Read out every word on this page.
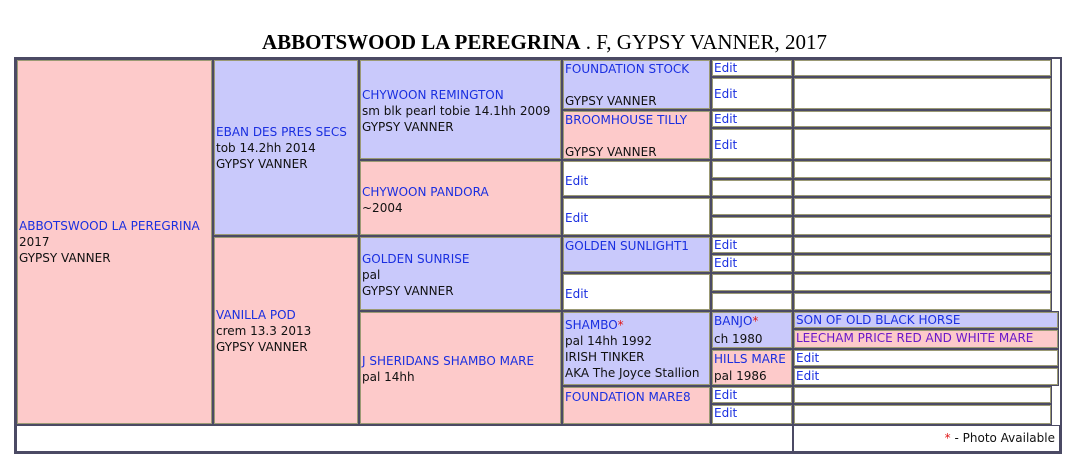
ABBOTSWOOD LA PEREGRINA . F, GYPSY VANNER, 2017
ABBOTSWOOD LA PEREGRINA
2017
GYPSY VANNER
EBAN DES PRES SECS
tob 14.2hh 2014
GYPSY VANNER
VANILLA POD
crem 13.3 2013
GYPSY VANNER
CHYWOON REMINGTON
sm blk pearl tobie 14.1hh 2009
GYPSY VANNER
CHYWOON PANDORA
~2004
GOLDEN SUNRISE
pal
GYPSY VANNER
J SHERIDANS SHAMBO MARE
pal 14hh
FOUNDATION STOCK
GYPSY VANNER
BROOMHOUSE TILLY
GYPSY VANNER
Edit
Edit
GOLDEN SUNLIGHT1
Edit
SHAMBO*
pal 14hh 1992
IRISH TINKER
AKA The Joyce Stallion
FOUNDATION MARE8
Edit
Edit
Edit
Edit
Edit
Edit
BANJO*
ch 1980
HILLS MARE
pal 1986
Edit
Edit
SON OF OLD BLACK HORSE
LEECHAM PRICE RED AND WHITE MARE
Edit
Edit
* - Photo Available
